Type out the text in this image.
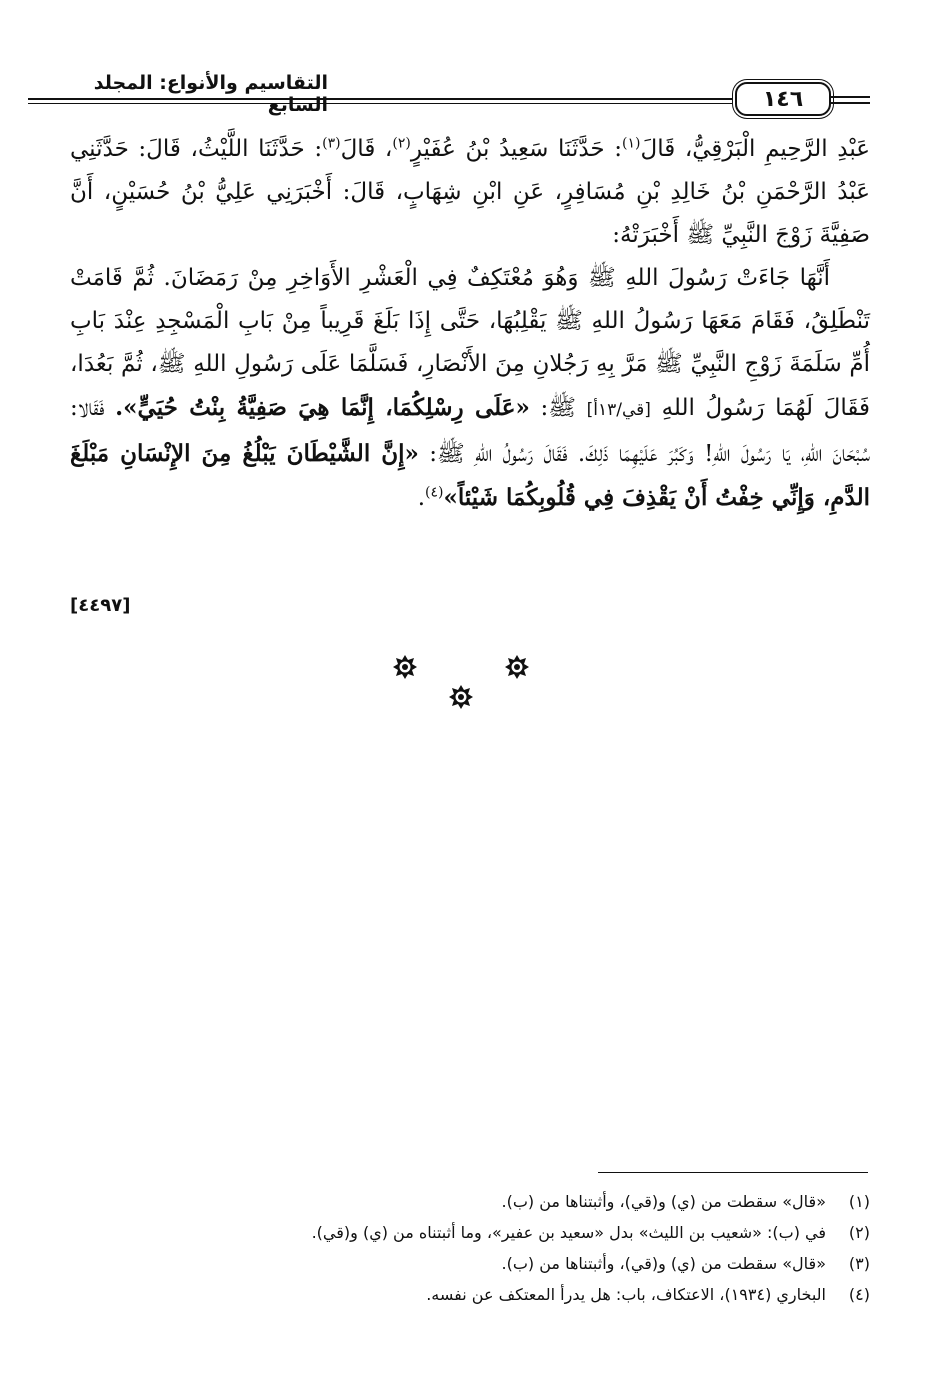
التقاسيم والأنواع: المجلد السابع	١٤٦

عَبْدِ الرَّحِيمِ الْبَرْقِيُّ، قَالَ$^{(١)}$: حَدَّثَنَا سَعِيدُ بْنُ عُفَيْرٍ$^{(٢)}$، قَالَ$^{(٣)}$: حَدَّثَنَا اللَّيْثُ، قَالَ: حَدَّثَنِي عَبْدُ الرَّحْمَنِ بْنُ خَالِدِ بْنِ مُسَافِرٍ، عَنِ ابْنِ شِهَابٍ، قَالَ: أَخْبَرَنِي عَلِيُّ بْنُ حُسَيْنٍ، أَنَّ صَفِيَّةَ زَوْجَ النَّبِيِّ ﷺ أَخْبَرَتْهُ:

أَنَّهَا جَاءَتْ رَسُولَ اللهِ ﷺ وَهُوَ مُعْتَكِفٌ فِي الْعَشْرِ الأَوَاخِرِ مِنْ رَمَضَانَ. ثُمَّ قَامَتْ تَنْطَلِقُ، فَقَامَ مَعَهَا رَسُولُ اللهِ ﷺ يَقْلِبُهَا، حَتَّى إِذَا بَلَغَ قَرِيباً مِنْ بَابِ الْمَسْجِدِ عِنْدَ بَابِ أُمِّ سَلَمَةَ زَوْجِ النَّبِيِّ ﷺ مَرَّ بِهِ رَجُلانِ مِنَ الأَنْصَارِ، فَسَلَّمَا عَلَى رَسُولِ اللهِ ﷺ، ثُمَّ بَعُدَا، فَقَالَ لَهُمَا رَسُولُ اللهِ [قي/١٣أ] ﷺ: «عَلَى رِسْلِكُمَا، إِنَّمَا هِيَ صَفِيَّةُ بِنْتُ حُيَيٍّ». فَقَالا: سُبْحَانَ اللهِ، يَا رَسُولَ اللهِ! وَكَبُرَ عَلَيْهِمَا ذَلِكَ. فَقَالَ رَسُولُ اللهِ ﷺ: «إِنَّ الشَّيْطَانَ يَبْلُغُ مِنَ الإِنْسَانِ مَبْلَغَ الدَّمِ، وَإِنِّي خِفْتُ أَنْ يَقْذِفَ فِي قُلُوبِكُمَا شَيْئاً»$^{(٤)}$.

[٤٤٩٧]
(١)
«قال» سقطت من (ي) و(قي)، وأثبتناها من (ب).
(٢)
في (ب): «شعيب بن الليث» بدل «سعيد بن عفير»، وما أثبتناه من (ي) و(قي).
(٣)
«قال» سقطت من (ي) و(قي)، وأثبتناها من (ب).
(٤)
البخاري (١٩٣٤)، الاعتكاف، باب: هل يدرأ المعتكف عن نفسه.
